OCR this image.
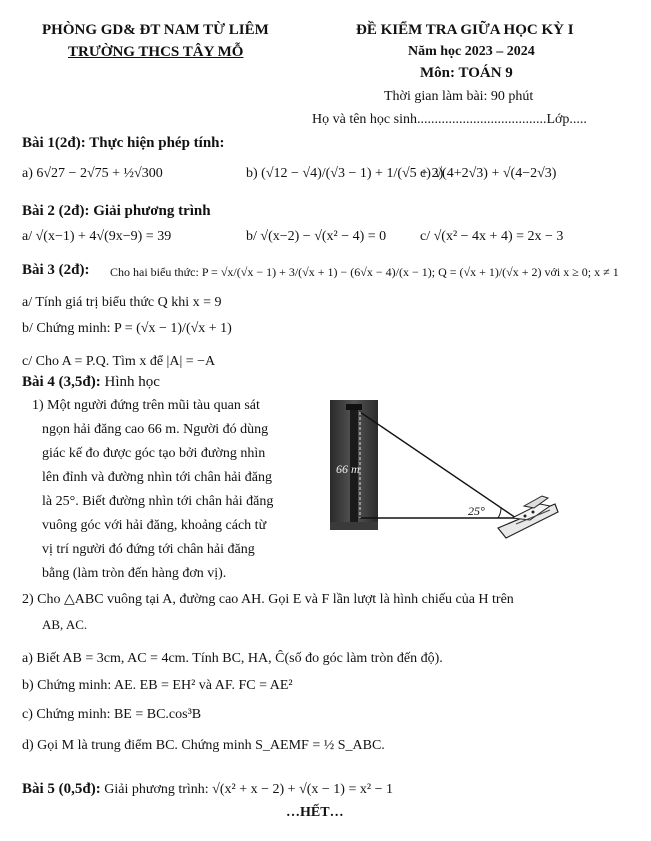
PHÒNG GD& ĐT NAM TỪ LIÊM
TRƯỜNG THCS TÂY MỖ
ĐỀ KIỂM TRA GIỮA HỌC KỲ I
Năm học 2023 – 2024
Môn: TOÁN 9
Thời gian làm bài: 90 phút
Họ và tên học sinh.....................................Lớp.....
Bài 1(2đ): Thực hiện phép tính:
a) 6√27 − 2√75 + ½√300	b) (√12 − √4)/(√3 − 1) + 1/(√5 + 2)
c) √(4+2√3) + √(4−2√3)
Bài 2 (2đ): Giải phương trình
a/ √(x−1) + 4√(9x−9) = 39	b/ √(x−2) − √(x² − 4) = 0 c/ √(x² − 4x + 4) = 2x − 3
Bài 3 (2đ): Cho hai biểu thức: P = √x/(√x − 1) + 3/(√x + 1) − (6√x − 4)/(x − 1); Q = (√x + 1)/(√x + 2) với x ≥ 0; x ≠ 1
a/ Tính giá trị biểu thức Q khi x = 9
b/ Chứng minh: P = (√x − 1)/(√x + 1)
c/ Cho A = P.Q. Tìm x để |A| = −A
Bài 4 (3,5đ): Hình học
1) Một người đứng trên mũi tàu quan sát
ngọn hải đăng cao 66 m. Người đó dùng
giác kế đo được góc tạo bởi đường nhìn
lên đỉnh và đường nhìn tới chân hải đăng
là 25°. Biết đường nhìn tới chân hải đăng
vuông góc với hải đăng, khoảng cách từ
vị trí người đó đứng tới chân hải đăng
bằng (làm tròn đến hàng đơn vị).
66 m
25°
2) Cho △ABC vuông tại A, đường cao AH. Gọi E và F lần lượt là hình chiếu của H trên
AB, AC.
a) Biết AB = 3cm, AC = 4cm. Tính BC, HA, Ĉ(số đo góc làm tròn đến độ).
b) Chứng minh: AE. EB = EH² và AF. FC = AE²
c) Chứng minh: BE = BC.cos³B
d) Gọi M là trung điểm BC. Chứng minh S_AEMF = ½ S_ABC.
Bài 5 (0,5đ): Giải phương trình: √(x² + x − 2) + √(x − 1) = x² − 1
…HẾT…
